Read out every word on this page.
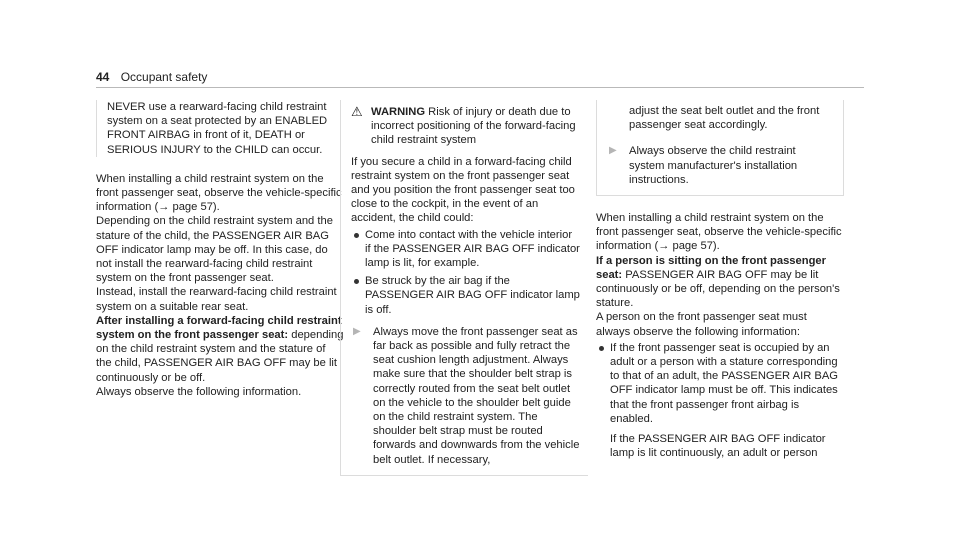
44 Occupant safety

NEVER use a rearward-facing child restraint system on a seat protected by an ENABLED FRONT AIRBAG in front of it, DEATH or SERIOUS INJURY to the CHILD can occur.

When installing a child restraint system on the front passenger seat, observe the vehicle-specific information (→ page 57).

Depending on the child restraint system and the stature of the child, the PASSENGER AIR BAG OFF indicator lamp may be off. In this case, do not install the rearward-facing child restraint system on the front passenger seat.

Instead, install the rearward-facing child restraint system on a suitable rear seat.

After installing a forward-facing child restraint system on the front passenger seat: depending on the child restraint system and the stature of the child, PASSENGER AIR BAG OFF may be lit continuously or be off.

Always observe the following information.

⚠ WARNING Risk of injury or death due to incorrect positioning of the forward-facing child restraint system

If you secure a child in a forward-facing child restraint system on the front passenger seat and you position the front passenger seat too close to the cockpit, in the event of an accident, the child could:

Come into contact with the vehicle interior if the PASSENGER AIR BAG OFF indicator lamp is lit, for example.
Be struck by the air bag if the PASSENGER AIR BAG OFF indicator lamp is off.
▶	Always move the front passenger seat as far back as possible and fully retract the seat cushion length adjustment. Always make sure that the shoulder belt strap is correctly routed from the seat belt outlet on the vehicle to the shoulder belt guide on the child restraint system. The shoulder belt strap must be routed forwards and downwards from the vehicle belt outlet. If necessary,

adjust the seat belt outlet and the front passenger seat accordingly.

▶	Always observe the child restraint system manufacturer's installation instructions.

When installing a child restraint system on the front passenger seat, observe the vehicle-specific information (→ page 57).

If a person is sitting on the front passenger seat: PASSENGER AIR BAG OFF may be lit continuously or be off, depending on the person's stature.

A person on the front passenger seat must always observe the following information:

If the front passenger seat is occupied by an adult or a person with a stature corresponding to that of an adult, the PASSENGER AIR BAG OFF indicator lamp must be off. This indicates that the front passenger front airbag is enabled.

If the PASSENGER AIR BAG OFF indicator lamp is lit continuously, an adult or person
